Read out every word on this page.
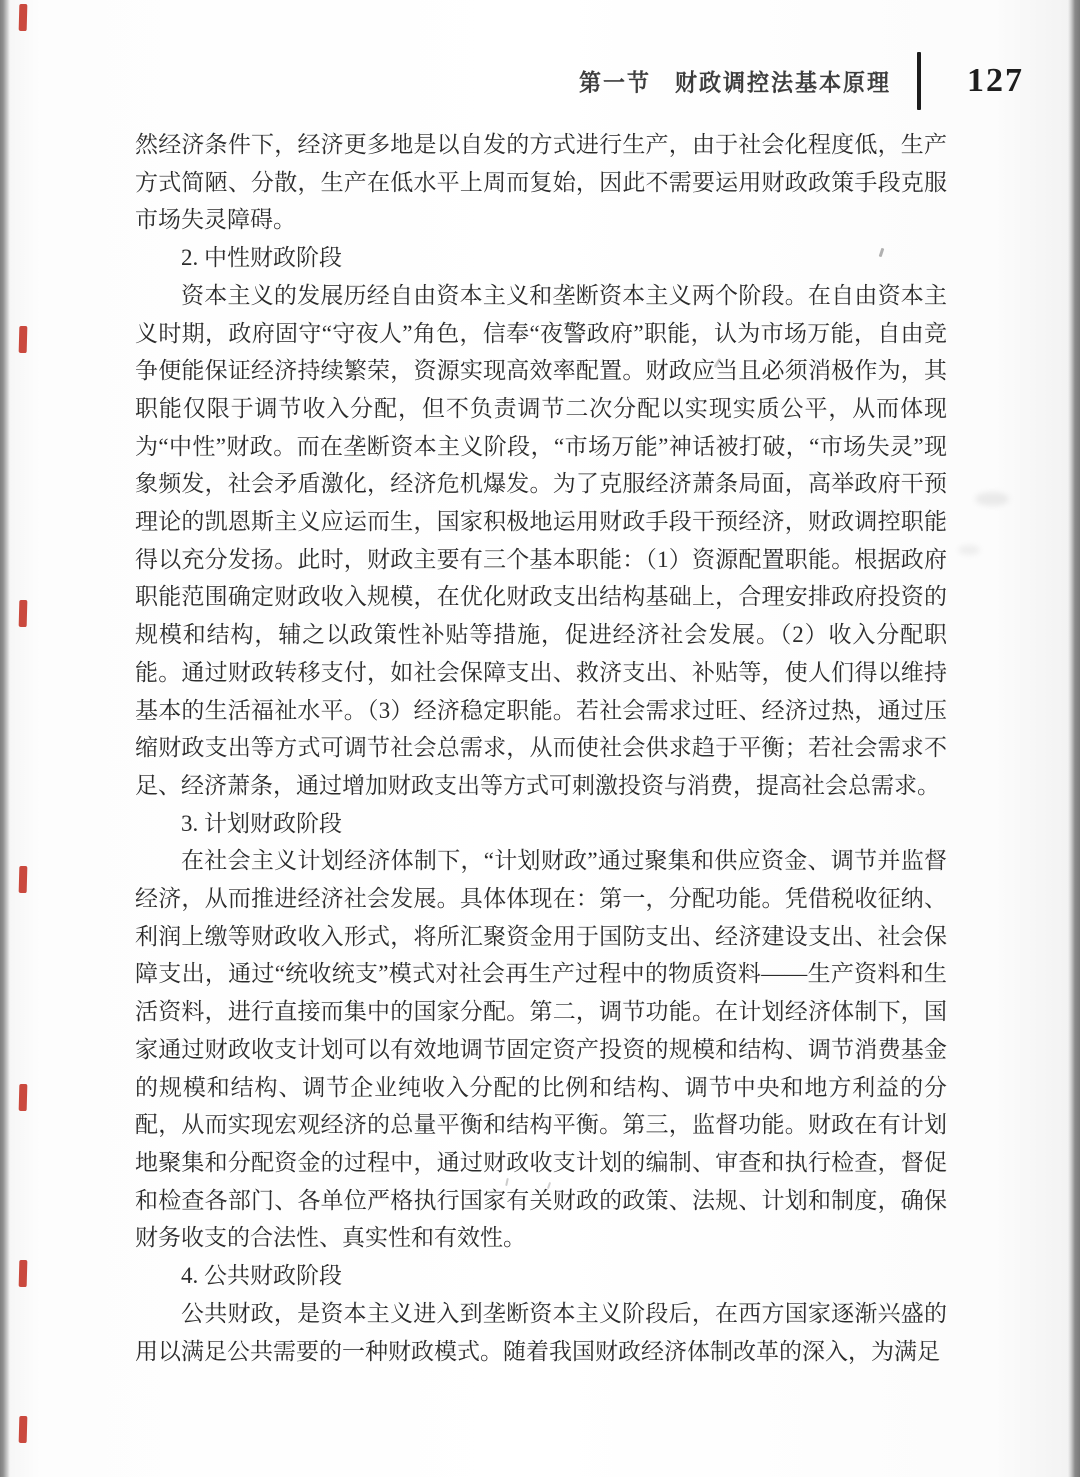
第一节　财政调控法基本原理 127

然经济条件下，经济更多地是以自发的方式进行生产，由于社会化程度低，生产方式简陋、分散，生产在低水平上周而复始，因此不需要运用财政政策手段克服市场失灵障碍。

2. 中性财政阶段

资本主义的发展历经自由资本主义和垄断资本主义两个阶段。在自由资本主义时期，政府固守“守夜人”角色，信奉“夜警政府”职能，认为市场万能，自由竞争便能保证经济持续繁荣，资源实现高效率配置。财政应当且必须消极作为，其职能仅限于调节收入分配，但不负责调节二次分配以实现实质公平，从而体现为“中性”财政。而在垄断资本主义阶段，“市场万能”神话被打破，“市场失灵”现象频发，社会矛盾激化，经济危机爆发。为了克服经济萧条局面，高举政府干预理论的凯恩斯主义应运而生，国家积极地运用财政手段干预经济，财政调控职能得以充分发扬。此时，财政主要有三个基本职能：（1）资源配置职能。根据政府职能范围确定财政收入规模，在优化财政支出结构基础上，合理安排政府投资的规模和结构，辅之以政策性补贴等措施，促进经济社会发展。（2）收入分配职能。通过财政转移支付，如社会保障支出、救济支出、补贴等，使人们得以维持基本的生活福祉水平。（3）经济稳定职能。若社会需求过旺、经济过热，通过压缩财政支出等方式可调节社会总需求，从而使社会供求趋于平衡；若社会需求不足、经济萧条，通过增加财政支出等方式可刺激投资与消费，提高社会总需求。

3. 计划财政阶段

在社会主义计划经济体制下，“计划财政”通过聚集和供应资金、调节并监督经济，从而推进经济社会发展。具体体现在：第一，分配功能。凭借税收征纳、利润上缴等财政收入形式，将所汇聚资金用于国防支出、经济建设支出、社会保障支出，通过“统收统支”模式对社会再生产过程中的物质资料——生产资料和生活资料，进行直接而集中的国家分配。第二，调节功能。在计划经济体制下，国家通过财政收支计划可以有效地调节固定资产投资的规模和结构、调节消费基金的规模和结构、调节企业纯收入分配的比例和结构、调节中央和地方利益的分配，从而实现宏观经济的总量平衡和结构平衡。第三，监督功能。财政在有计划地聚集和分配资金的过程中，通过财政收支计划的编制、审查和执行检查，督促和检查各部门、各单位严格执行国家有关财政的政策、法规、计划和制度，确保财务收支的合法性、真实性和有效性。

4. 公共财政阶段

公共财政，是资本主义进入到垄断资本主义阶段后，在西方国家逐渐兴盛的用以满足公共需要的一种财政模式。随着我国财政经济体制改革的深入，为满足
